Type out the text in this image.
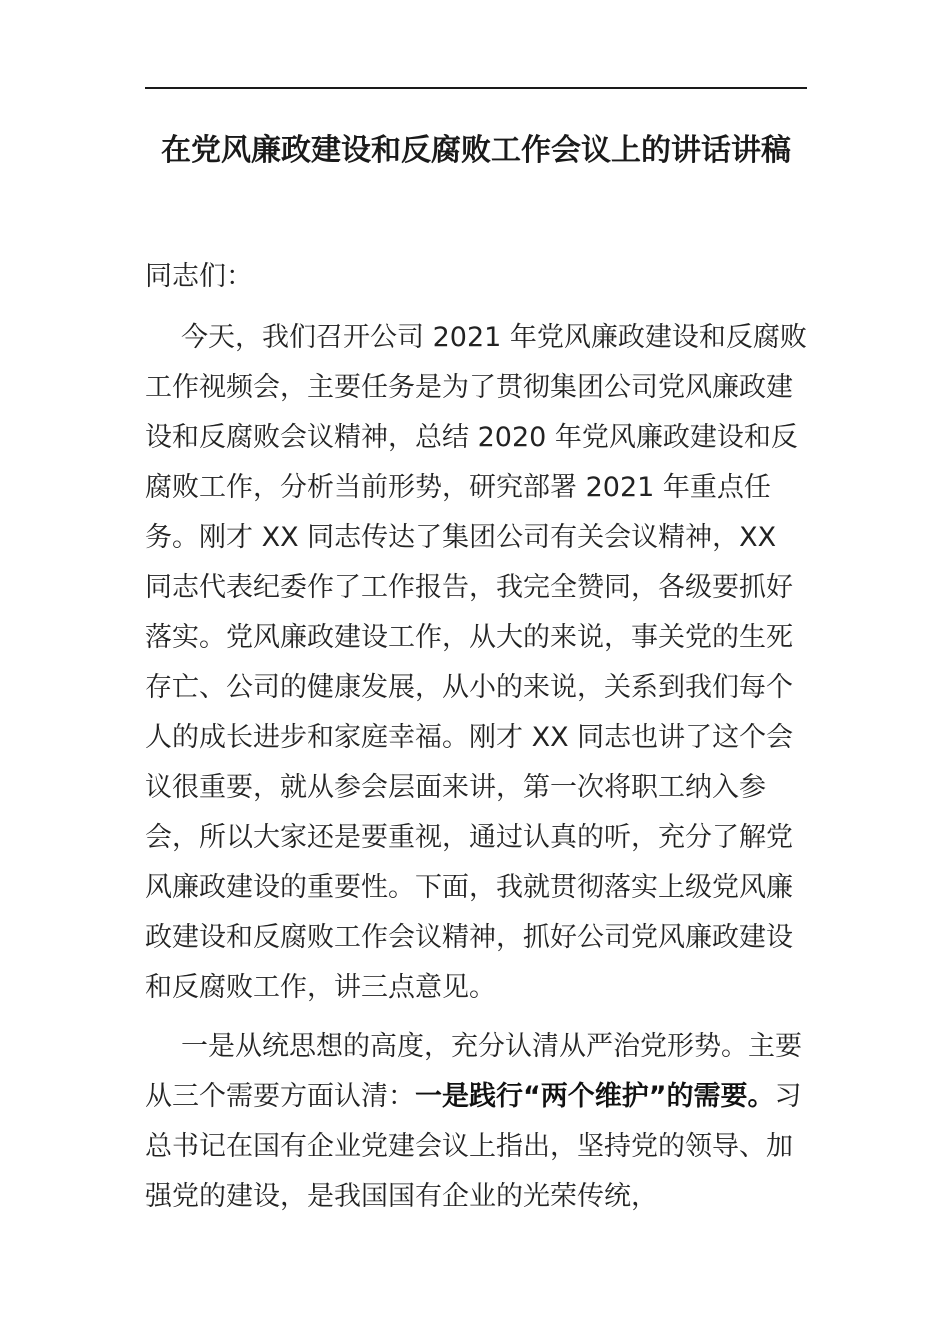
在党风廉政建设和反腐败工作会议上的讲话讲稿

同志们：

今天，我们召开公司 2021 年党风廉政建设和反腐败工作视频会，主要任务是为了贯彻集团公司党风廉政建设和反腐败会议精神，总结 2020 年党风廉政建设和反腐败工作，分析当前形势，研究部署 2021 年重点任务。刚才 XX 同志传达了集团公司有关会议精神，XX 同志代表纪委作了工作报告，我完全赞同，各级要抓好落实。党风廉政建设工作，从大的来说，事关党的生死存亡、公司的健康发展，从小的来说，关系到我们每个人的成长进步和家庭幸福。刚才 XX 同志也讲了这个会议很重要，就从参会层面来讲，第一次将职工纳入参会，所以大家还是要重视，通过认真的听，充分了解党风廉政建设的重要性。下面，我就贯彻落实上级党风廉政建设和反腐败工作会议精神，抓好公司党风廉政建设和反腐败工作，讲三点意见。

一是从统思想的高度，充分认清从严治党形势。主要从三个需要方面认清：一是践行“两个维护”的需要。习总书记在国有企业党建会议上指出，坚持党的领导、加强党的建设，是我国国有企业的光荣传统，
